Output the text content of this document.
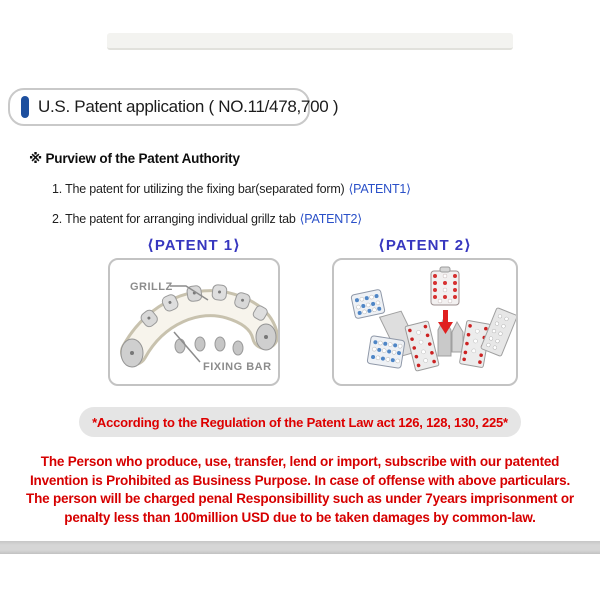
U.S. Patent application ( NO.11/478,700 )
※ Purview of the Patent Authority
1. The patent for utilizing the fixing bar(separated form) ⟨PATENT1⟩
2. The patent for arranging individual grillz tab ⟨PATENT2⟩
⟨PATENT 1⟩	⟨PATENT 2⟩
GRILLZ
FIXING BAR
*According to the Regulation of the Patent Law act 126, 128, 130, 225*
The Person who produce, use, transfer, lend or import, subscribe with our patented
Invention is Prohibited as Business Purpose. In case of offense with above particulars.
The person will be charged penal Responsibillity such as under 7years imprisonment or
penalty less than 100million USD due to be taken damages by common-law.
